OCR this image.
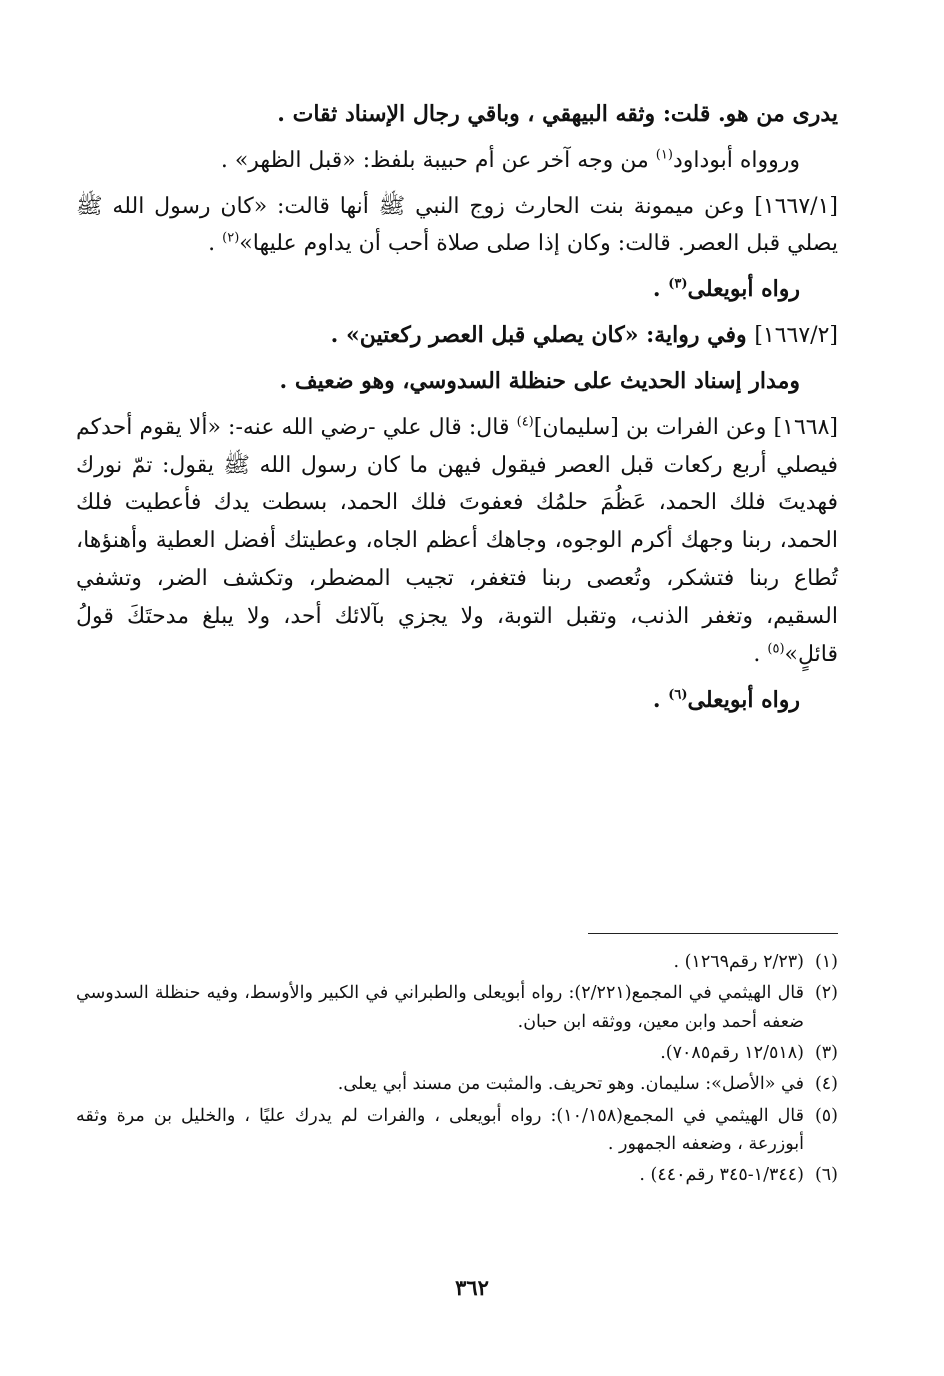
يدرى من هو. قلت: وثقه البيهقي ، وباقي رجال الإسناد ثقات .

وروواه أبوداود$^{(١)}$ من وجه آخر عن أم حبيبة بلفظ: «قبل الظهر» .

[١٦٦٧/١] وعن ميمونة بنت الحارث زوج النبي ﷺ أنها قالت: «كان رسول الله ﷺ يصلي قبل العصر. قالت: وكان إذا صلى صلاة أحب أن يداوم عليها»$^{(٢)}$ .

رواه أبويعلى$^{(٣)}$ .

[١٦٦٧/٢] وفي رواية: «كان يصلي قبل العصر ركعتين» .

ومدار إسناد الحديث على حنظلة السدوسي، وهو ضعيف .

[١٦٦٨] وعن الفرات بن [سليمان]$^{(٤)}$ قال: قال علي -رضي الله عنه-: «ألا يقوم أحدكم فيصلي أربع ركعات قبل العصر فيقول فيهن ما كان رسول الله ﷺ يقول: تمّ نورك فهديتَ فلك الحمد، عَظُمَ حلمُك فعفوتَ فلك الحمد، بسطت يدك فأعطيت فلك الحمد، ربنا وجهك أكرم الوجوه، وجاهك أعظم الجاه، وعطيتك أفضل العطية وأهنؤها، تُطاع ربنا فتشكر، وتُعصى ربنا فتغفر، تجيب المضطر، وتكشف الضر، وتشفي السقيم، وتغفر الذنب، وتقبل التوبة، ولا يجزي بآلائك أحد، ولا يبلغ مدحتَكَ قولُ قائلٍ»$^{(٥)}$ .

رواه أبويعلى$^{(٦)}$ .

(١)
(٢/٢٣ رقم١٢٦٩) .
(٢)
قال الهيثمي في المجمع(٢/٢٢١): رواه أبويعلى والطبراني في الكبير والأوسط، وفيه حنظلة السدوسي ضعفه أحمد وابن معين، ووثقه ابن حبان.
(٣)
(١٢/٥١٨ رقم٧٠٨٥).
(٤)
في «الأصل»: سليمان. وهو تحريف. والمثبت من مسند أبي يعلى.
(٥)
قال الهيثمي في المجمع(١٠/١٥٨): رواه أبويعلى ، والفرات لم يدرك عليًا ، والخليل بن مرة وثقه أبوزرعة ، وضعفه الجمهور .
(٦)
(١/٣٤٤-٣٤٥ رقم٤٤٠) .
٣٦٢
